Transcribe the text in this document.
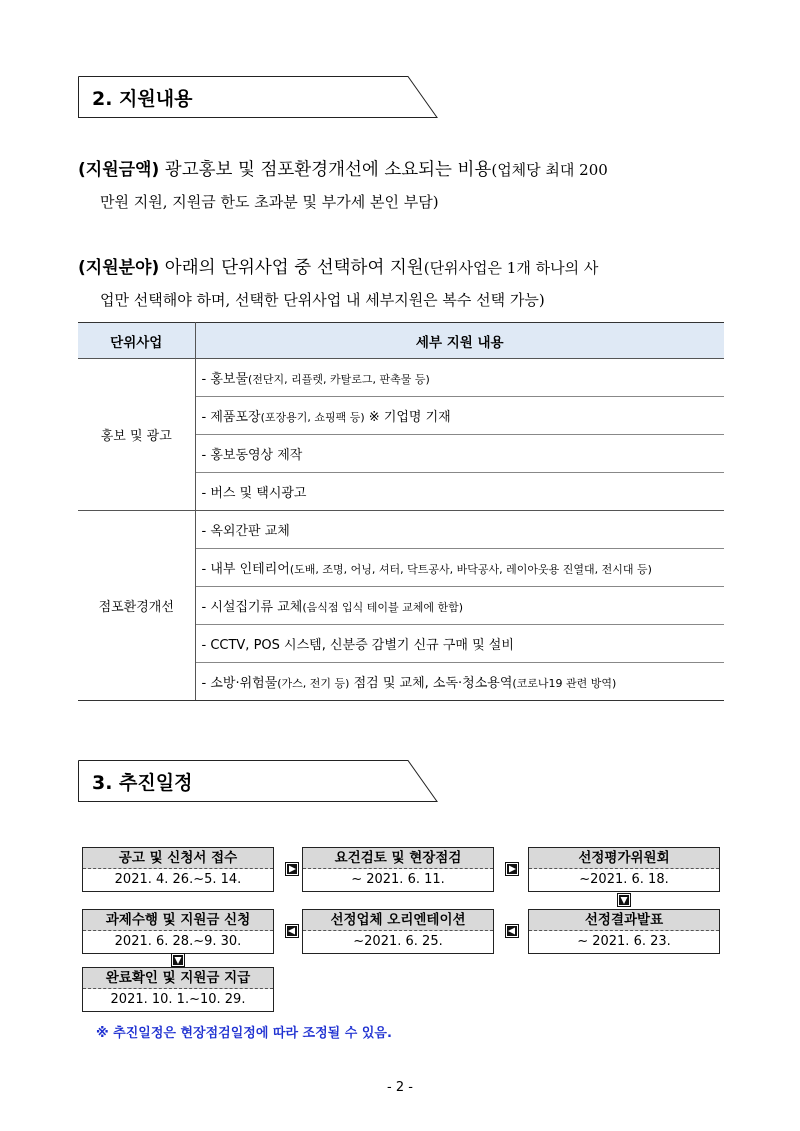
2. 지원내용
(지원금액) 광고홍보 및 점포환경개선에 소요되는 비용(업체당 최대 200
만원 지원, 지원금 한도 초과분 및 부가세 본인 부담)
(지원분야) 아래의 단위사업 중 선택하여 지원(단위사업은 1개 하나의 사
업만 선택해야 하며, 선택한 단위사업 내 세부지원은 복수 선택 가능)
단위사업	세부 지원 내용
홍보 및 광고	- 홍보물(전단지, 리플렛, 카탈로그, 판촉물 등)
	- 제품포장(포장용기, 쇼핑팩 등) ※ 기업명 기재
	- 홍보동영상 제작
	- 버스 및 택시광고
점포환경개선	- 옥외간판 교체
	- 내부 인테리어(도배, 조명, 어닝, 셔터, 닥트공사, 바닥공사, 레이아웃용 진열대, 전시대 등)
	- 시설집기류 교체(음식점 입식 테이블 교체에 한함)
	- CCTV, POS 시스템, 신분증 감별기 신규 구매 및 설비
	- 소방·위험물(가스, 전기 등) 점검 및 교체, 소독·청소용역(코로나19 관련 방역)
3. 추진일정
공고 및 신청서 접수
2021. 4. 26.~5. 14.
요건검토 및 현장점검
~ 2021. 6. 11.
선정평가위원회
~2021. 6. 18.
선정결과발표
~ 2021. 6. 23.
선정업체 오리엔테이션
~2021. 6. 25.
과제수행 및 지원금 신청
2021. 6. 28.~9. 30.
완료확인 및 지원금 지급
2021. 10. 1.~10. 29.
※ 추진일정은 현장점검일정에 따라 조정될 수 있음.
- 2 -
